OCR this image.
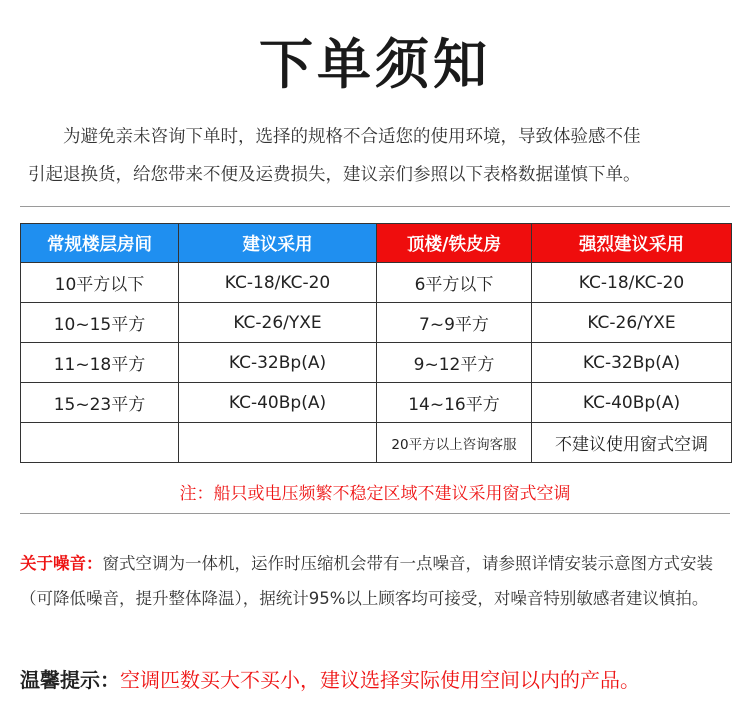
下单须知
为避免亲未咨询下单时，选择的规格不合适您的使用环境，导致体验感不佳
引起退换货，给您带来不便及运费损失，建议亲们参照以下表格数据谨慎下单。
常规楼层房间	建议采用	顶楼/铁皮房	强烈建议采用
10平方以下	KC-18/KC-20	6平方以下	KC-18/KC-20
10~15平方	KC-26/YXE	7~9平方	KC-26/YXE
11~18平方	KC-32Bp(A)	9~12平方	KC-32Bp(A)
15~23平方	KC-40Bp(A)	14~16平方	KC-40Bp(A)
		20平方以上咨询客服	不建议使用窗式空调
注：船只或电压频繁不稳定区域不建议采用窗式空调
关于噪音：窗式空调为一体机，运作时压缩机会带有一点噪音，请参照详情安装示意图方式安装（可降低噪音，提升整体降温），据统计95%以上顾客均可接受，对噪音特别敏感者建议慎拍。
温馨提示：空调匹数买大不买小，建议选择实际使用空间以内的产品。
